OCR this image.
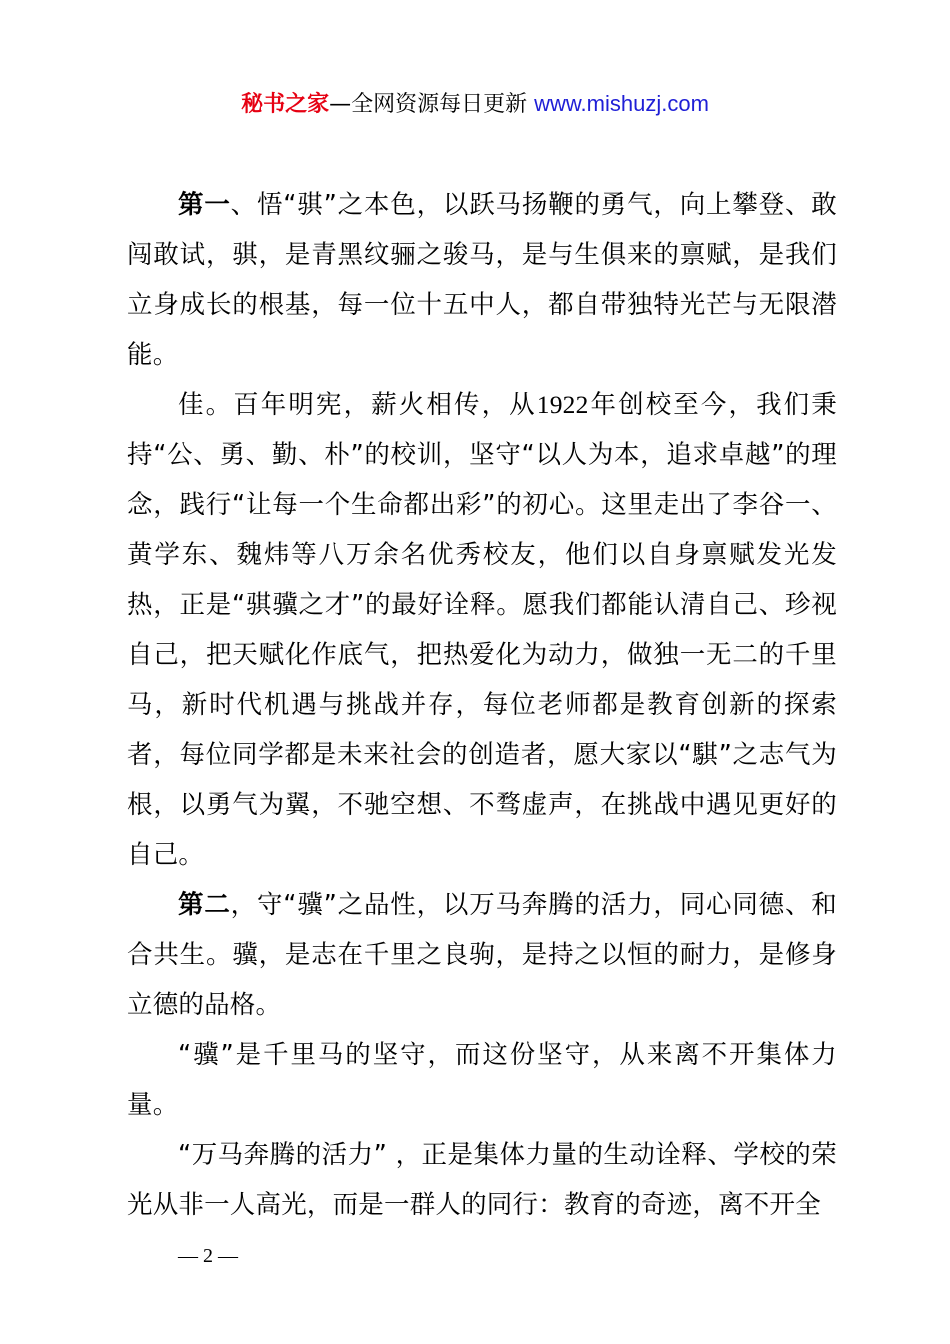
秘书之家—全网资源每日更新 www.mishuzj.com

第一、悟“骐”之本色，以跃马扬鞭的勇气，向上攀登、敢闯敢试，骐，是青黑纹骊之骏马，是与生俱来的禀赋，是我们立身成长的根基，每一位十五中人，都自带独特光芒与无限潜能。

佳。百年明宪，薪火相传，从1922年创校至今，我们秉持“公、勇、勤、朴”的校训，坚守“以人为本，追求卓越”的理念，践行“让每一个生命都出彩”的初心。这里走出了李谷一、黄学东、魏炜等八万余名优秀校友，他们以自身禀赋发光发热，正是“骐骥之才”的最好诠释。愿我们都能认清自己、珍视自己，把天赋化作底气，把热爱化为动力，做独一无二的千里马，新时代机遇与挑战并存，每位老师都是教育创新的探索者，每位同学都是未来社会的创造者，愿大家以“騏”之志气为根，以勇气为翼，不驰空想、不骛虚声，在挑战中遇见更好的自己。

第二，守“骥”之品性，以万马奔腾的活力，同心同德、和合共生。骥，是志在千里之良驹，是持之以恒的耐力，是修身立德的品格。

“骥”是千里马的坚守，而这份坚守，从来离不开集体力量。

“万马奔腾的活力” ，正是集体力量的生动诠释、学校的荣光从非一人高光，而是一群人的同行：教育的奇迹，离不开全

— 2 —
